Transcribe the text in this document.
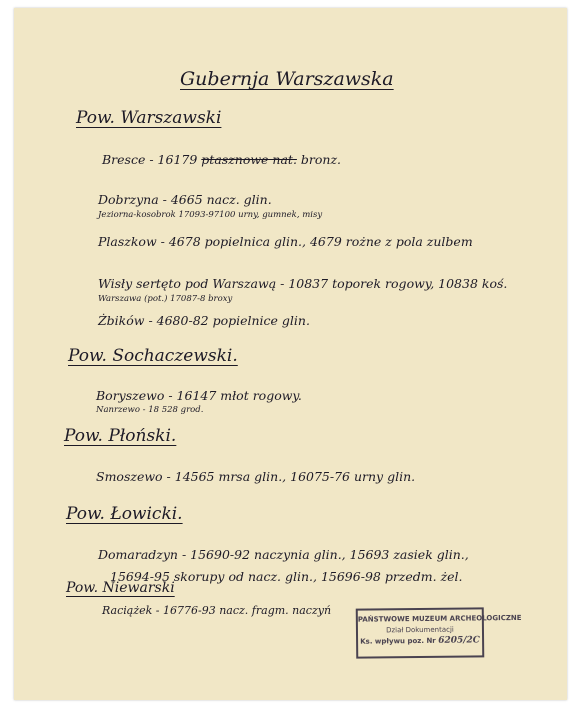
Gubernja Warszawska
Pow. Warszawski
Bresce - 16179 ptasznowe nat. bronz.
Dobrzyna - 4665 nacz. glin.
Jeziorna-kosobrok 17093-97100 urny, gumnek, misy
Plaszkow - 4678 popielnica glin., 4679 rożne z pola zulbem
Wisły sertęto pod Warszawą - 10837 toporek rogowy, 10838 koś.
Warszawa (pot.) 17087-8 broxy
Żbików - 4680-82 popielnice glin.
Pow. Sochaczewski.
Boryszewo - 16147 młot rogowy.
Nanrzewo - 18 528 grod.
Pow. Płoński.
Smoszewo - 14565 mrsa glin., 16075-76 urny glin.
Pow. Łowicki.
Domaradzyn - 15690-92 naczynia glin., 15693 zasiek glin.,
15694-95 skorupy od nacz. glin., 15696-98 przedm. żel.
Pow. Niewarski
Raciążek - 16776-93 nacz. fragm. naczyń
PAŃSTWOWE MUZEUM ARCHEOLOGICZNE
Dział Dokumentacji
Ks. wpływu poz. Nr 6205/2C
